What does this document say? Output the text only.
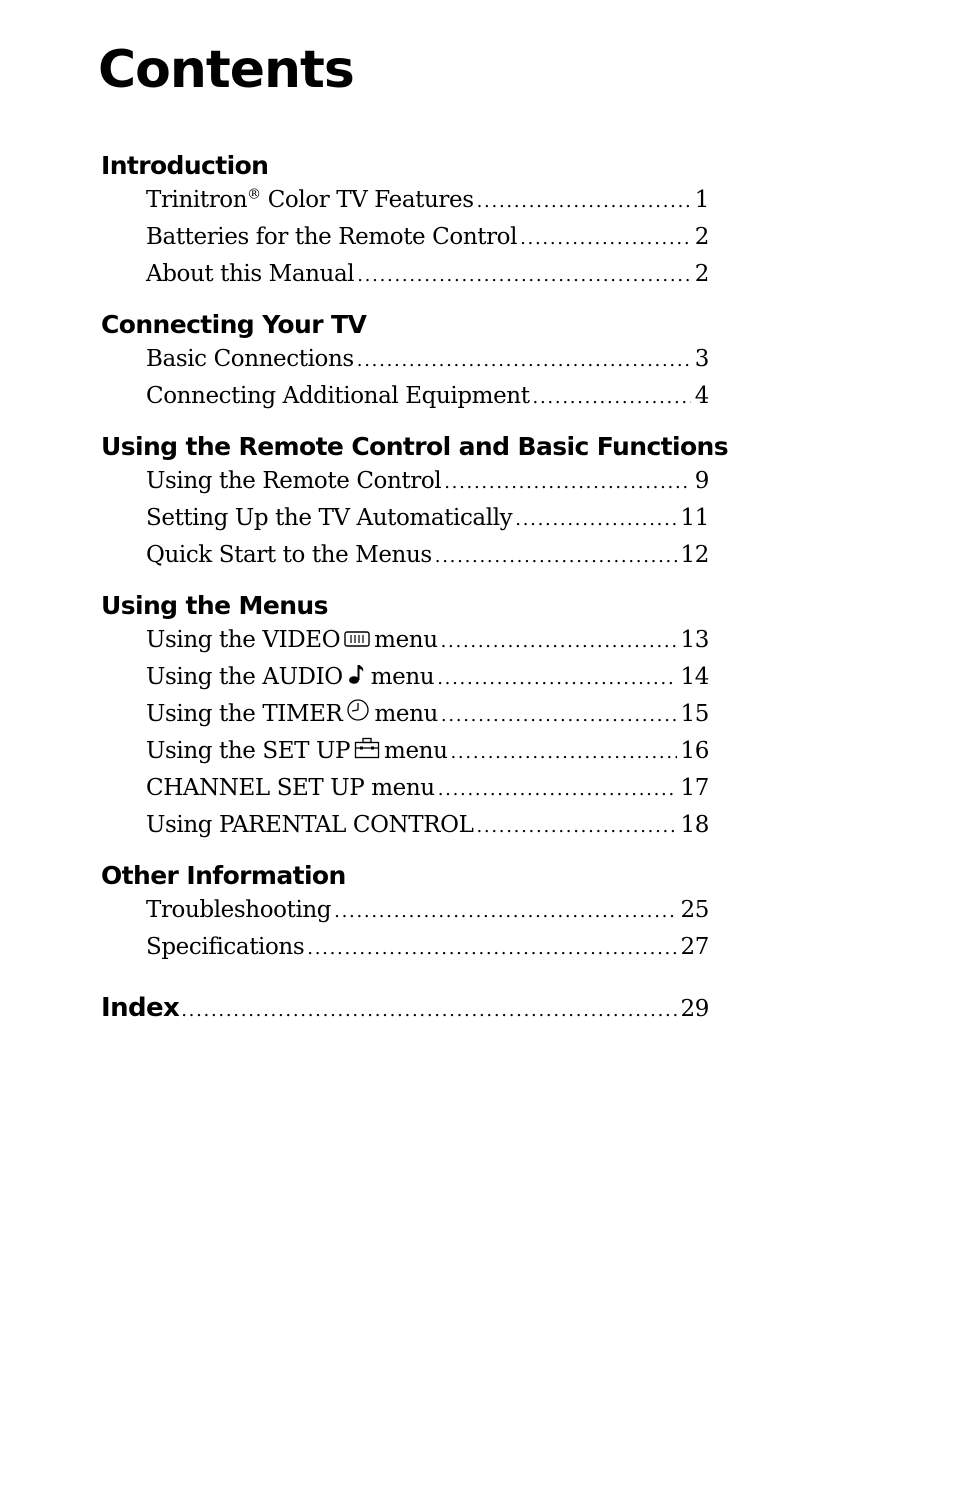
Contents
Introduction
Trinitron® Color TV Features . . .	1
Batteries for the Remote Control . . .	2
About this Manual . . .	2
Connecting Your TV
Basic Connections . . .	3
Connecting Additional Equipment . . .	4
Using the Remote Control and Basic Functions
Using the Remote Control . . .	9
Setting Up the TV Automatically . . .	11
Quick Start to the Menus . . .	12
Using the Menus
Using the VIDEO menu . . .	13
Using the AUDIO menu . . .	14
Using the TIMER menu . . .	15
Using the SET UP menu . . .	16
CHANNEL SET UP menu . . .	17
Using PARENTAL CONTROL . . .	18
Other Information
Troubleshooting . . .	25
Specifications . . .	27
Index . . .	29
